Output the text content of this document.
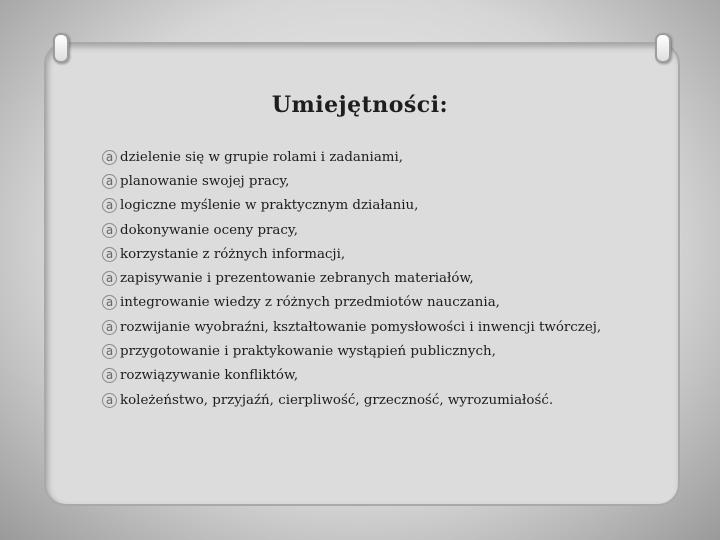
Umiejętności:
a
dzielenie się w grupie rolami i zadaniami,
a
planowanie swojej pracy,
a
logiczne myślenie w praktycznym działaniu,
a
dokonywanie oceny pracy,
a
korzystanie z różnych informacji,
a
zapisywanie i prezentowanie zebranych materiałów,
a
integrowanie wiedzy z różnych przedmiotów nauczania,
a
rozwijanie wyobraźni, kształtowanie pomysłowości i inwencji twórczej,
a
przygotowanie i praktykowanie wystąpień publicznych,
a
rozwiązywanie konfliktów,
a
koleżeństwo, przyjaźń, cierpliwość, grzeczność, wyrozumiałość.
